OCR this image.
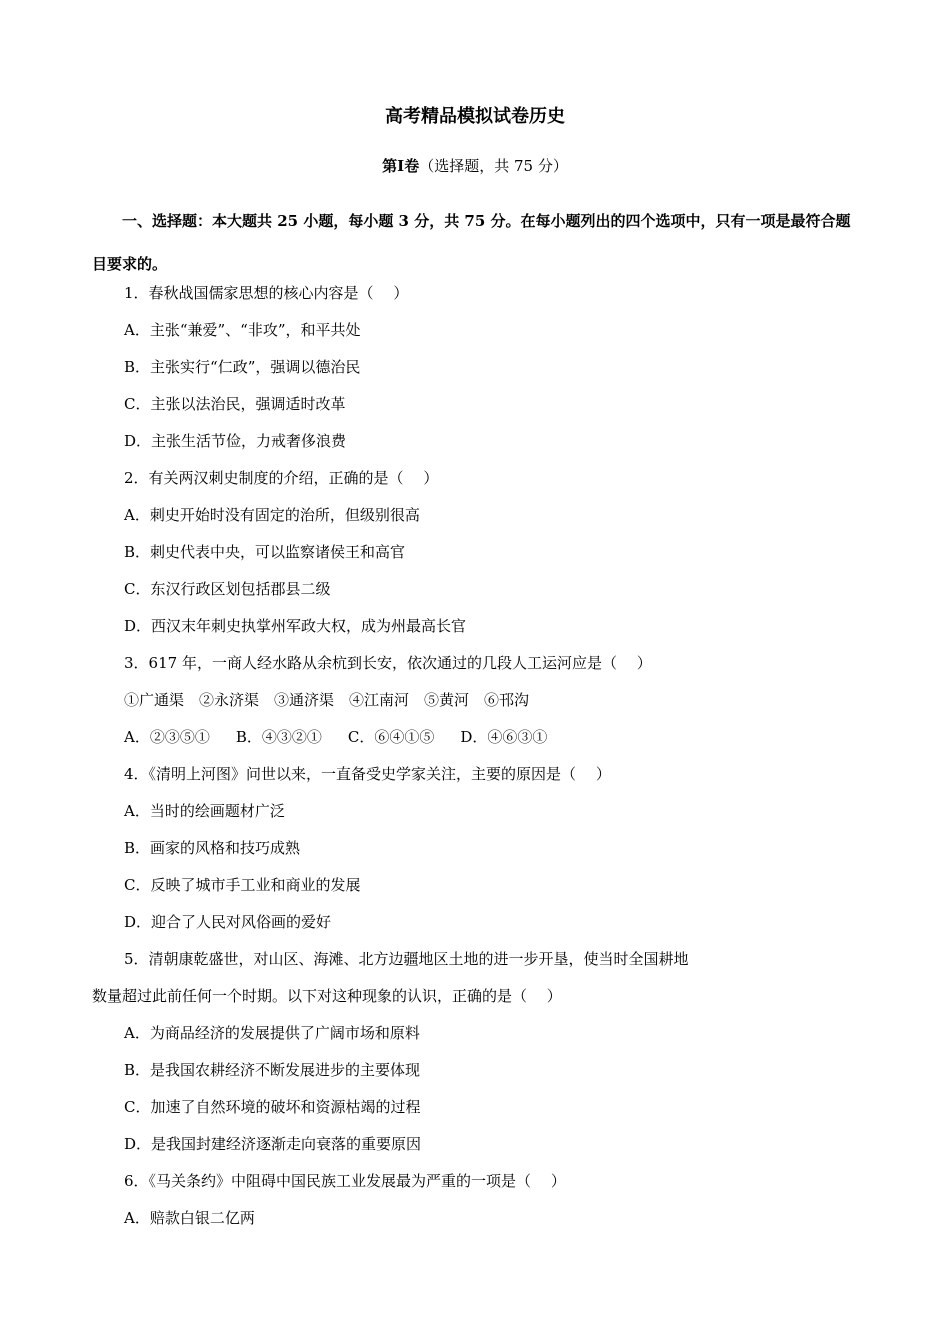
高考精品模拟试卷历史
第Ⅰ卷（选择题，共 75 分）
一、选择题：本大题共 25 小题，每小题 3 分，共 75 分。在每小题列出的四个选项中，只有一项是最符合题目要求的。
1．春秋战国儒家思想的核心内容是（　 ）
A．主张“兼爱”、“非攻”，和平共处
B．主张实行“仁政”，强调以德治民
C．主张以法治民，强调适时改革
D．主张生活节俭，力戒奢侈浪费
2．有关两汉刺史制度的介绍，正确的是（　 ）
A．刺史开始时没有固定的治所，但级别很高
B．刺史代表中央，可以监察诸侯王和高官
C．东汉行政区划包括郡县二级
D．西汉末年刺史执掌州军政大权，成为州最高长官
3．617 年，一商人经水路从余杭到长安，依次通过的几段人工运河应是（　 ）
①广通渠　②永济渠　③通济渠　④江南河　⑤黄河　⑥邗沟
A．②③⑤① B．④③②① C．⑥④①⑤ D．④⑥③①
4．《清明上河图》问世以来，一直备受史学家关注，主要的原因是（　 ）
A．当时的绘画题材广泛
B．画家的风格和技巧成熟
C．反映了城市手工业和商业的发展
D．迎合了人民对风俗画的爱好
5．清朝康乾盛世，对山区、海滩、北方边疆地区土地的进一步开垦，使当时全国耕地
数量超过此前任何一个时期。以下对这种现象的认识，正确的是（　 ）
A．为商品经济的发展提供了广阔市场和原料
B．是我国农耕经济不断发展进步的主要体现
C．加速了自然环境的破坏和资源枯竭的过程
D．是我国封建经济逐渐走向衰落的重要原因
6．《马关条约》中阻碍中国民族工业发展最为严重的一项是（　 ）
A．赔款白银二亿两
